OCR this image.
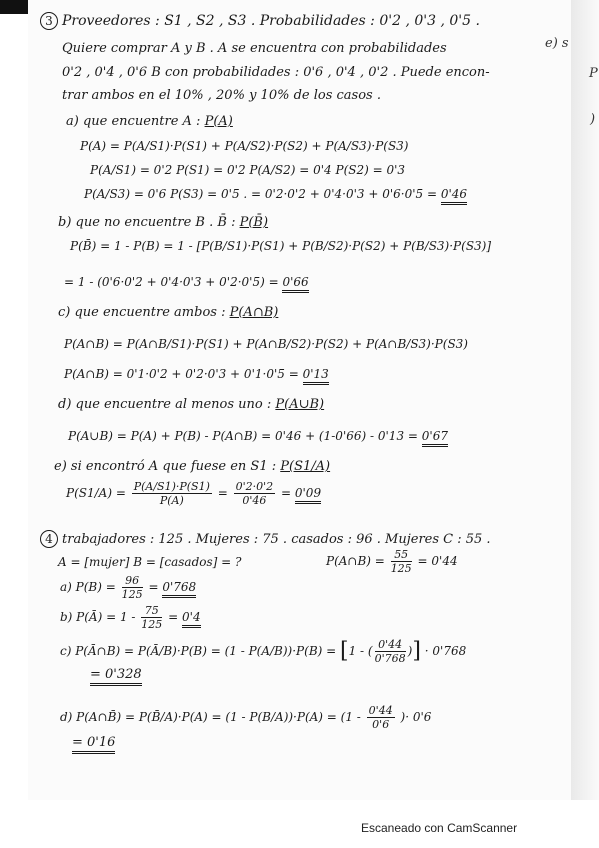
3 Proveedores : S1 , S2 , S3 . Probabilidades : 0'2 , 0'3 , 0'5 .
Quiere comprar A y B . A se encuentra con probabilidades
0'2 , 0'4 , 0'6 B con probabilidades : 0'6 , 0'4 , 0'2 . Puede encon-
trar ambos en el 10% , 20% y 10% de los casos .
a) que encuentre A : P(A)
P(A) = P(A/S1)·P(S1) + P(A/S2)·P(S2) + P(A/S3)·P(S3)
P(A/S1) = 0'2 P(S1) = 0'2 P(A/S2) = 0'4 P(S2) = 0'3
P(A/S3) = 0'6 P(S3) = 0'5 . = 0'2·0'2 + 0'4·0'3 + 0'6·0'5 = 0'46
b) que no encuentre B . B̄ : P(B̄)
P(B̄) = 1 - P(B) = 1 - [P(B/S1)·P(S1) + P(B/S2)·P(S2) + P(B/S3)·P(S3)]
= 1 - (0'6·0'2 + 0'4·0'3 + 0'2·0'5) = 0'66
c) que encuentre ambos : P(A∩B)
P(A∩B) = P(A∩B/S1)·P(S1) + P(A∩B/S2)·P(S2) + P(A∩B/S3)·P(S3)
P(A∩B) = 0'1·0'2 + 0'2·0'3 + 0'1·0'5 = 0'13
d) que encuentre al menos uno : P(A∪B)
P(A∪B) = P(A) + P(B) - P(A∩B) = 0'46 + (1-0'66) - 0'13 = 0'67
e) si encontró A que fuese en S1 : P(S1/A)
$P(S1/A) = \frac{P(A/S1)\cdot P(S1)}{P(A)} = \frac{0'2\cdot 0'2}{0'46} = 0'09$
4 trabajadores : 125 . Mujeres : 75 . casados : 96 . Mujeres C : 55 .
A = [mujer] B = [casados] = ?	P(A∩B) = $\frac{55}{125} = 0'44$
a) $P(B) = \frac{96}{125} = 0'768$
b) P(Ā) = $1 - \frac{75}{125} = 0'4$
c) P(Ā∩B) = P(Ā/B)·P(B) = (1 - P(A/B))·P(B) = [1 - ( $\frac{0'44}{0'768}$ )] · 0'768
= 0'328
d) P(A∩B̄) = P(B̄/A)·P(A) = $(1 - P(B/A))\cdot P(A) = (1 - \frac{0'44}{0'6}$ )· 0'6
= 0'16
e) s
P
)
Escaneado con CamScanner
